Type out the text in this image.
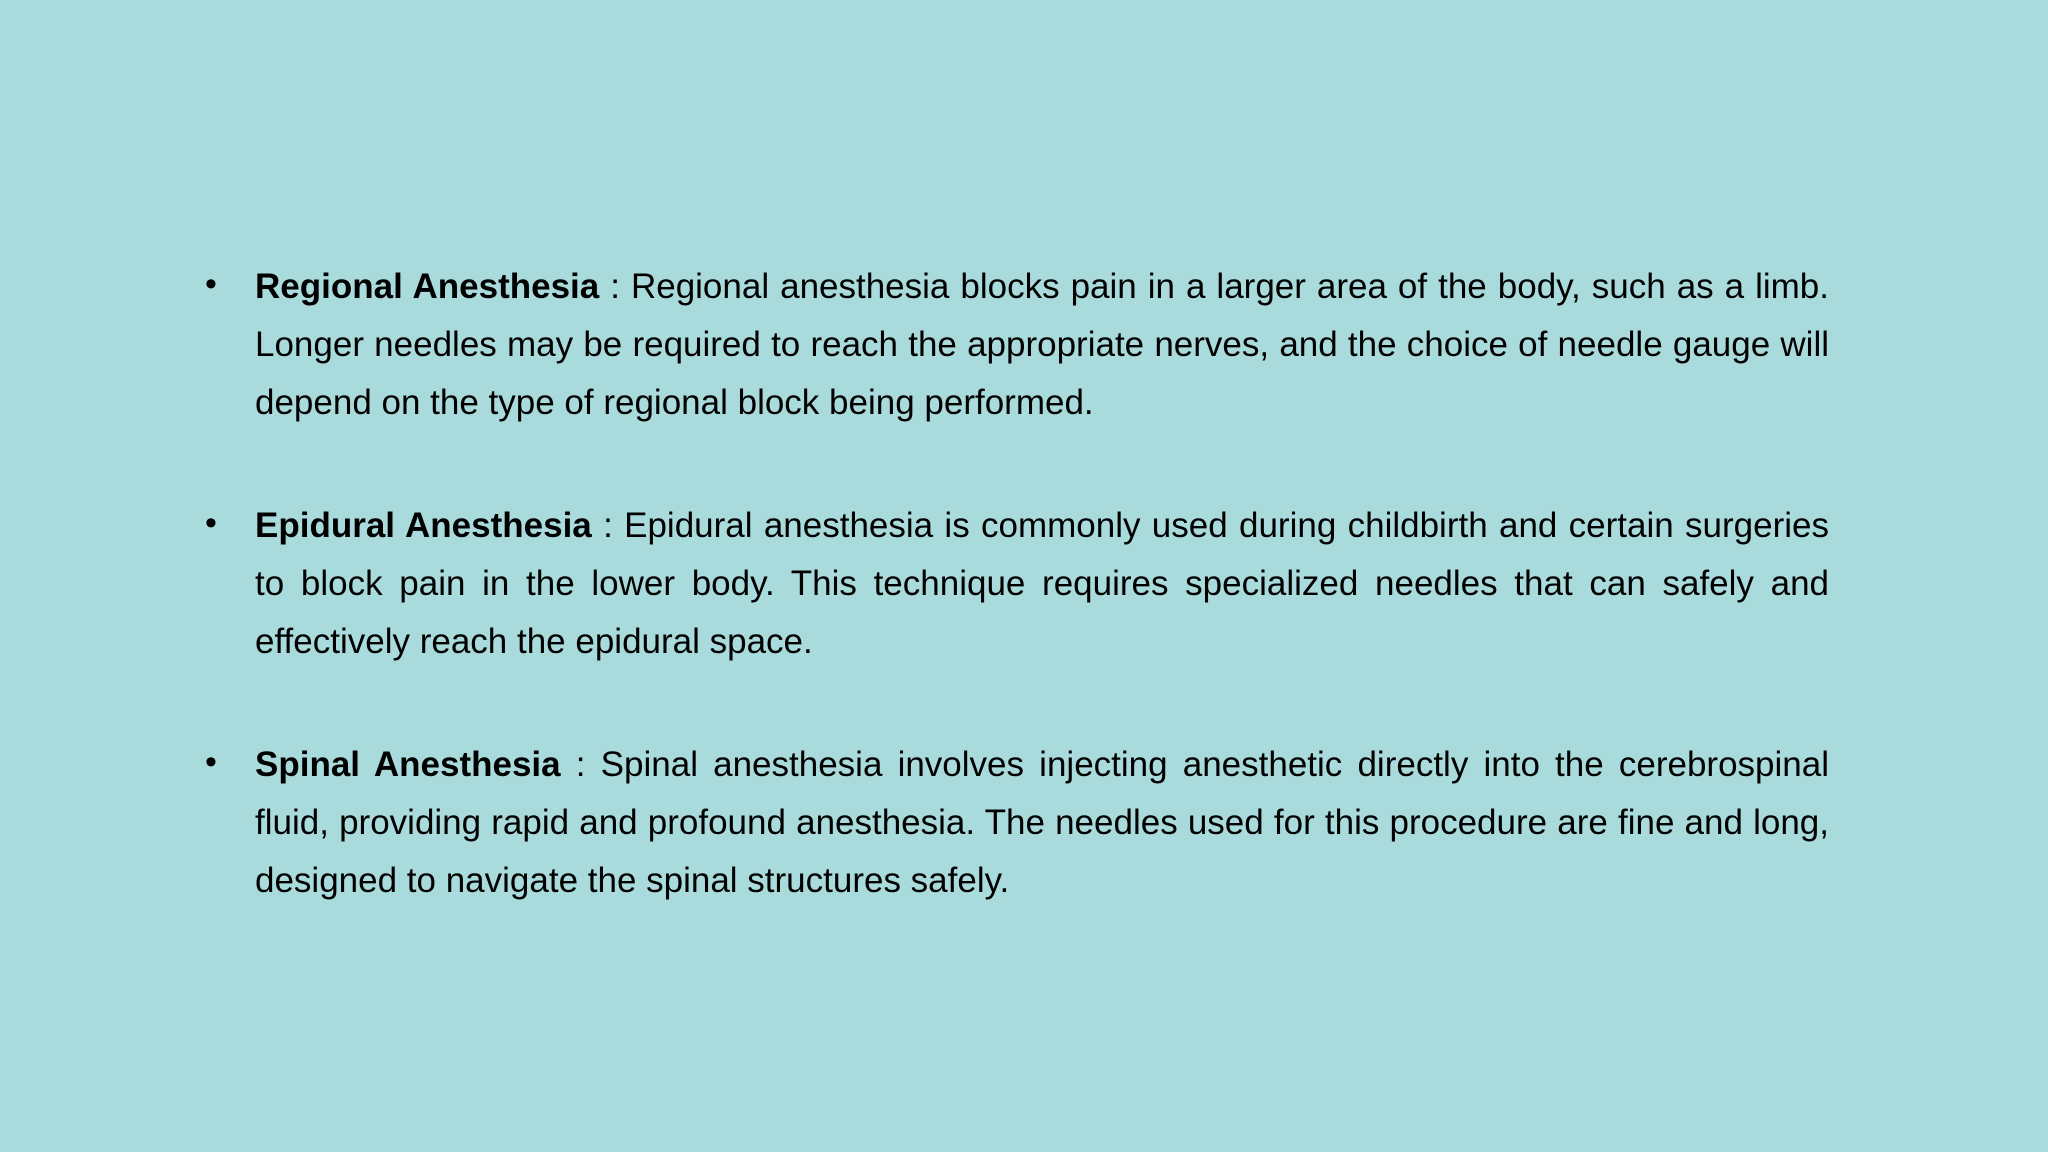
•	Regional Anesthesia : Regional anesthesia blocks pain in a larger area of the body, such as a limb. Longer needles may be required to reach the appropriate nerves, and the choice of needle gauge will depend on the type of regional block being performed.
•	Epidural Anesthesia : Epidural anesthesia is commonly used during childbirth and certain surgeries to block pain in the lower body. This technique requires specialized needles that can safely and effectively reach the epidural space.
•	Spinal Anesthesia : Spinal anesthesia involves injecting anesthetic directly into the cerebrospinal fluid, providing rapid and profound anesthesia. The needles used for this procedure are fine and long, designed to navigate the spinal structures safely.
